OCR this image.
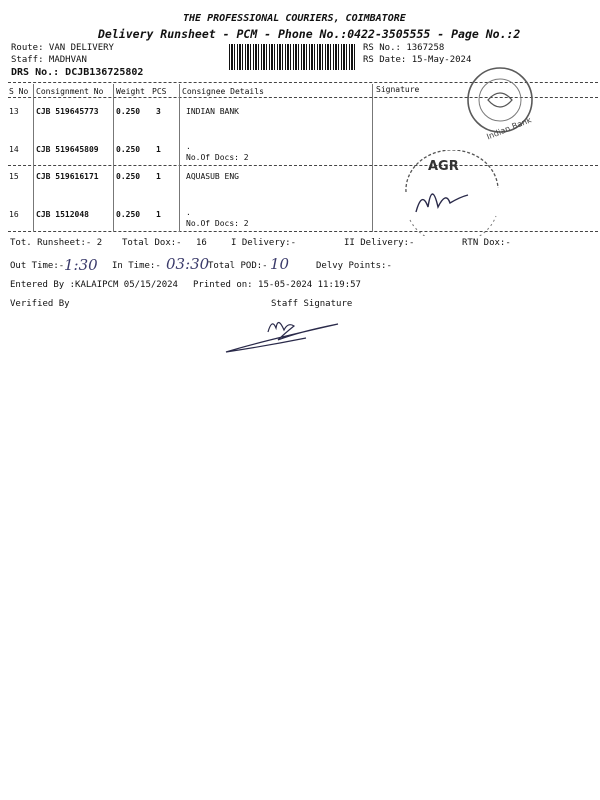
THE PROFESSIONAL COURIERS, COIMBATORE
Delivery Runsheet - PCM - Phone No.:0422-3505555 - Page No.:2
Route: VAN DELIVERY
Staff: MADHVAN
DRS No.: DCJB136725802
RS No.: 1367258
RS Date: 15-May-2024
S No Consignment No Weight PCS Consignee Details	Signature
13 CJB 519645773 0.250 3	INDIAN BANK
14 CJB 519645809 0.250 1	.
No.Of Docs: 2
15 CJB 519616171 0.250 1	AQUASUB ENG
16 CJB 1512048	0.250 1	.
No.Of Docs: 2
Indian Bank
AGR
Tot. Runsheet:- 2 Total Dox:- 16	I Delivery:-	II Delivery:-	RTN Dox:-
Out Time:- 1:30 In Time:- 03:30
Total POD:- 10	Delvy Points:-
Entered By :KALAIPCM 05/15/2024 Printed on: 15-05-2024 11:19:57
Verified By	Staff Signature
